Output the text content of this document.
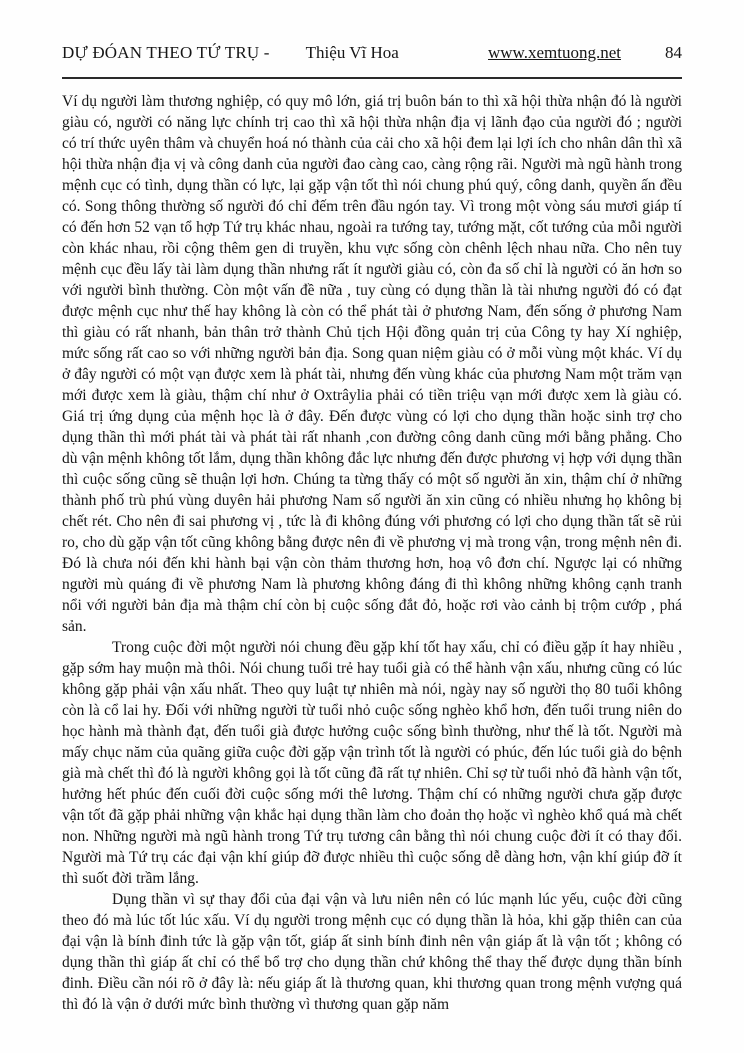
DỰ ĐÓAN THEO TỨ TRỤ - Thiệu Vĩ Hoa	www.xemtuong.net	84

Ví dụ người làm thương nghiệp, có quy mô lớn, giá trị buôn bán to thì xã hội thừa nhận đó là người giàu có, người có năng lực chính trị cao thì xã hội thừa nhận địa vị lãnh đạo của người đó ; người có trí thức uyên thâm và chuyển hoá nó thành của cải cho xã hội đem lại lợi ích cho nhân dân thì xã hội thừa nhận địa vị và công danh của người đao càng cao, càng rộng rãi. Người mà ngũ hành trong mệnh cục có tình, dụng thần có lực, lại gặp vận tốt thì nói chung phú quý, công danh, quyền ấn đều có. Song thông thường số người đó chỉ đếm trên đầu ngón tay. Vì trong một vòng sáu mươi giáp tí có đến hơn 52 vạn tổ hợp Tứ trụ khác nhau, ngoài ra tướng tay, tướng mặt, cốt tướng của mỗi người còn khác nhau, rồi cộng thêm gen di truyền, khu vực sống còn chênh lệch nhau nữa. Cho nên tuy mệnh cục đều lấy tài làm dụng thần nhưng rất ít người giàu có, còn đa số chỉ là người có ăn hơn so với người bình thường. Còn một vấn đề nữa , tuy cùng có dụng thần là tài nhưng người đó có đạt được mệnh cục như thế hay không là còn có thể phát tài ở phương Nam, đến sống ở phương Nam thì giàu có rất nhanh, bản thân trở thành Chủ tịch Hội đồng quản trị của Công ty hay Xí nghiệp, mức sống rất cao so với những người bản địa. Song quan niệm giàu có ở mỗi vùng một khác. Ví dụ ở đây người có một vạn được xem là phát tài, nhưng đến vùng khác của phương Nam một trăm vạn mới được xem là giàu, thậm chí như ở Oxtrâylia phải có tiền triệu vạn mới được xem là giàu có. Giá trị ứng dụng của mệnh học là ở đây. Đến được vùng có lợi cho dụng thần hoặc sinh trợ cho dụng thần thì mới phát tài và phát tài rất nhanh ,con đường công danh cũng mới bằng phẳng. Cho dù vận mệnh không tốt lắm, dụng thần không đắc lực nhưng đến được phương vị hợp với dụng thần thì cuộc sống cũng sẽ thuận lợi hơn. Chúng ta từng thấy có một số người ăn xin, thậm chí ở những thành phố trù phú vùng duyên hải phương Nam số người ăn xin cũng có nhiều nhưng họ không bị chết rét. Cho nên đi sai phương vị , tức là đi không đúng với phương có lợi cho dụng thần tất sẽ rủi ro, cho dù gặp vận tốt cũng không bằng được nên đi về phương vị mà trong vận, trong mệnh nên đi. Đó là chưa nói đến khi hành bại vận còn thảm thương hơn, hoạ vô đơn chí. Ngược lại có những người mù quáng đi về phương Nam là phương không đáng đi thì không những không cạnh tranh nổi với người bản địa mà thậm chí còn bị cuộc sống đắt đỏ, hoặc rơi vào cảnh bị trộm cướp , phá sản.

Trong cuộc đời một người nói chung đều gặp khí tốt hay xấu, chỉ có điều gặp ít hay nhiều , gặp sớm hay muộn mà thôi. Nói chung tuổi trẻ hay tuổi già có thể hành vận xấu, nhưng cũng có lúc không gặp phải vận xấu nhất. Theo quy luật tự nhiên mà nói, ngày nay số người thọ 80 tuổi không còn là cổ lai hy. Đối với những người từ tuổi nhỏ cuộc sống nghèo khổ hơn, đến tuổi trung niên do học hành mà thành đạt, đến tuổi già được hưởng cuộc sống bình thường, như thế là tốt. Người mà mấy chục năm của quãng giữa cuộc đời gặp vận trình tốt là người có phúc, đến lúc tuổi già do bệnh già mà chết thì đó là người không gọi là tốt cũng đã rất tự nhiên. Chỉ sợ từ tuổi nhỏ đã hành vận tốt, hưởng hết phúc đến cuối đời cuộc sống mới thê lương. Thậm chí có những người chưa gặp được vận tốt đã gặp phải những vận khắc hại dụng thần làm cho đoản thọ hoặc vì nghèo khổ quá mà chết non. Những người mà ngũ hành trong Tứ trụ tương cân bằng thì nói chung cuộc đời ít có thay đổi. Người mà Tứ trụ các đại vận khí giúp đỡ được nhiều thì cuộc sống dễ dàng hơn, vận khí giúp đỡ ít thì suốt đời trầm lắng.

Dụng thần vì sự thay đổi của đại vận và lưu niên nên có lúc mạnh lúc yếu, cuộc đời cũng theo đó mà lúc tốt lúc xấu. Ví dụ người trong mệnh cục có dụng thần là hỏa, khi gặp thiên can của đại vận là bính đinh tức là gặp vận tốt, giáp ất sinh bính đinh nên vận giáp ất là vận tốt ; không có dụng thần thì giáp ất chỉ có thể bổ trợ cho dụng thần chứ không thể thay thế được dụng thần bính đinh. Điều cần nói rõ ở đây là: nếu giáp ất là thương quan, khi thương quan trong mệnh vượng quá thì đó là vận ở dưới mức bình thường vì thương quan gặp năm
